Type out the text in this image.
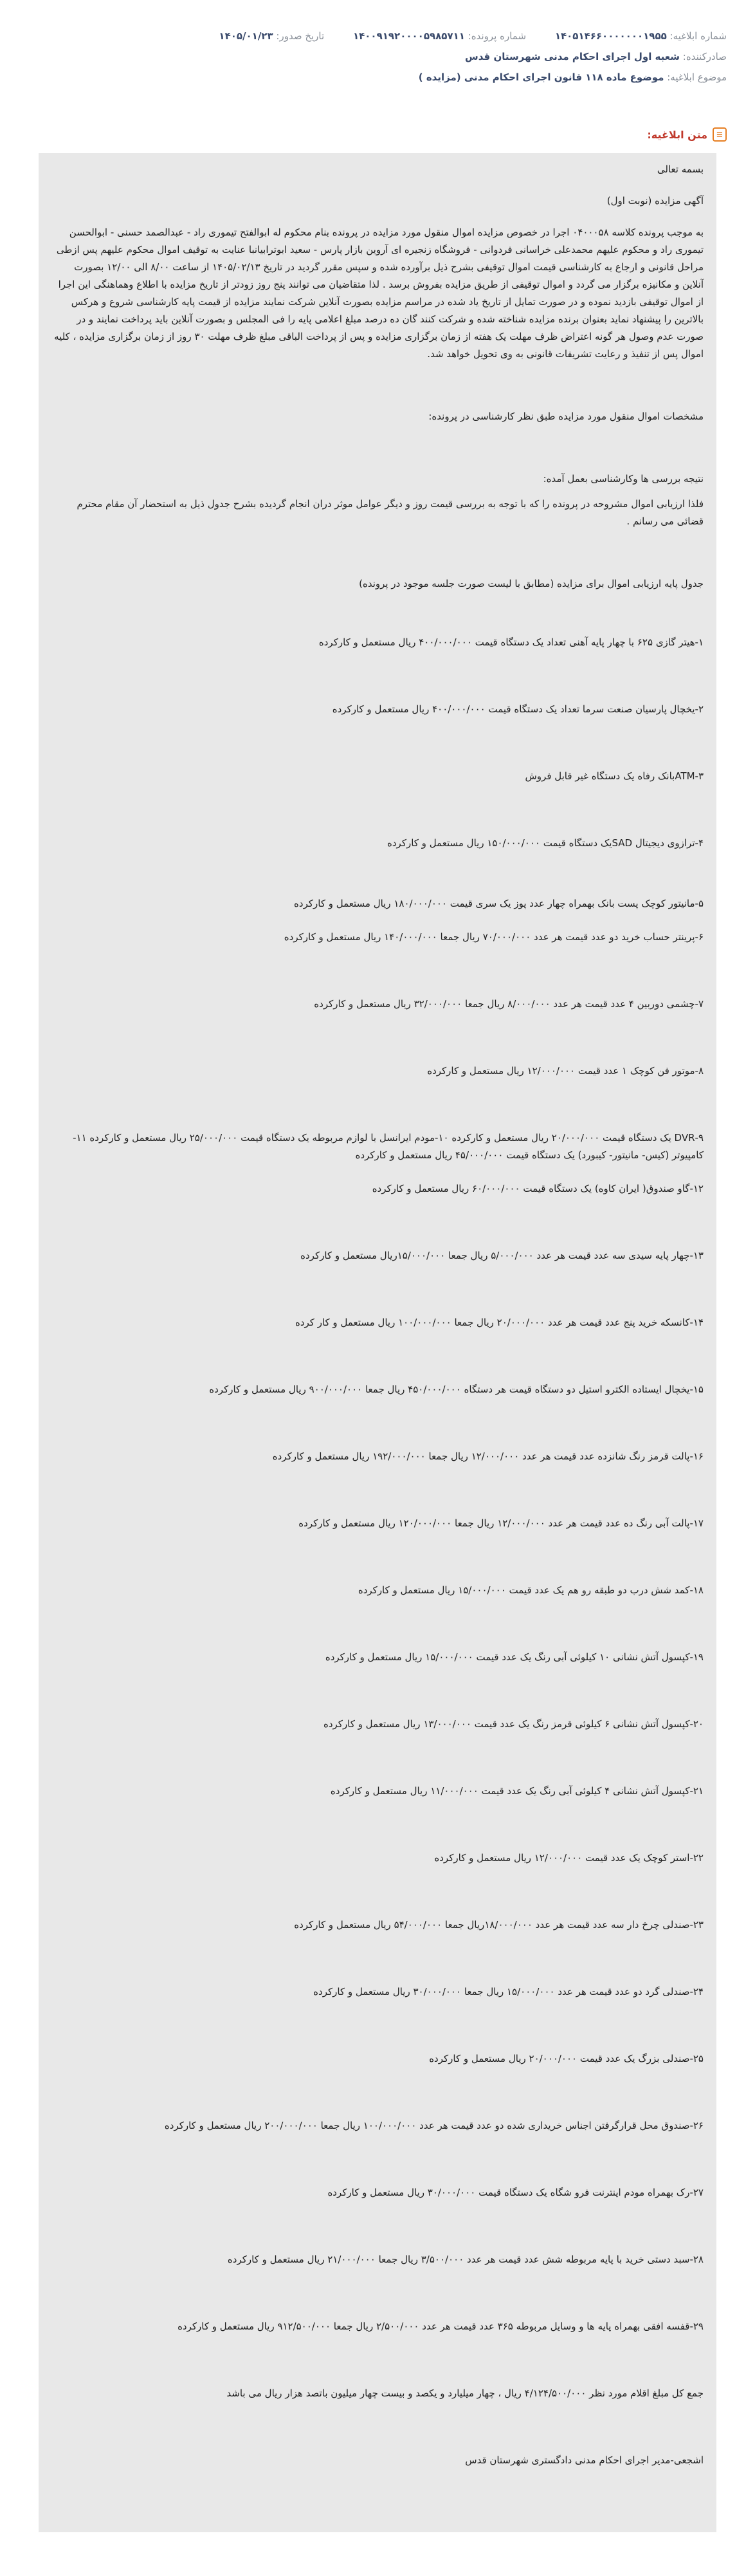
شماره ابلاغیه: ۱۴۰۵۱۴۶۶۰۰۰۰۰۰۰۱۹۵۵ شماره پرونده: ۱۴۰۰۹۱۹۲۰۰۰۰۵۹۸۵۷۱۱ تاریخ صدور: ۱۴۰۵/۰۱/۲۳
صادرکننده: شعبه اول اجرای احکام مدنی شهرستان قدس
موضوع ابلاغیه: موضوع ماده ۱۱۸ قانون اجرای احکام مدنی (مزایده )
≡
متن ابلاغیه:

بسمه تعالی

آگهی مزایده (نوبت اول)

به موجب پرونده کلاسه ۰۴۰۰۰۵۸ اجرا در خصوص مزایده اموال منقول مورد مزایده در پرونده بنام محکوم له ابوالفتح تیموری راد - عبدالصمد حسنی - ابوالحسن تیموری راد و محکوم علیهم محمدعلی خراسانی فردوانی - فروشگاه زنجیره ای آروین بازار پارس - سعید ابوترابیانبا عنایت به توقیف اموال محکوم علیهم پس ازطی مراحل قانونی و ارجاع به کارشناسی قیمت اموال توقیفی بشرح ذیل برآورده شده و سپس مقرر گردید در تاریخ ۱۴۰۵/۰۲/۱۳ از ساعت ۸/۰۰ الی ۱۲/۰۰ بصورت آنلاین و مکانیزه برگزار می گردد و اموال توقیفی از طریق مزایده بفروش برسد . لذا متقاضیان می توانند پنج روز زودتر از تاریخ مزایده با اطلاع وهماهنگی این اجرا از اموال توقیفی بازدید نموده و در صورت تمایل از تاریخ یاد شده در مراسم مزایده بصورت آنلاین شرکت نمایند مزایده از قیمت پایه کارشناسی شروع و هرکس بالاترین را پیشنهاد نماید بعنوان برنده مزایده شناخته شده و شرکت کنند گان ده درصد مبلغ اعلامی پایه را فی المجلس و بصورت آنلاین باید پرداخت نمایند و در صورت عدم وصول هر گونه اعتراض ظرف مهلت یک هفته از زمان برگزاری مزایده و پس از پرداخت الباقی مبلغ ظرف مهلت ۳۰ روز از زمان برگزاری مزایده ، کلیه اموال پس از تنفیذ و رعایت تشریفات قانونی به وی تحویل خواهد شد.

مشخصات اموال منقول مورد مزایده طبق نظر کارشناسی در پرونده:

نتیجه بررسی ها وکارشناسی بعمل آمده:

فلذا ارزیابی اموال مشروحه در پرونده را که با توجه به بررسی قیمت روز و دیگر عوامل موثر دران انجام گردیده بشرح جدول ذیل به استحضار آن مقام محترم قضائی می رسانم .

جدول پایه ارزیابی اموال برای مزایده (مطابق با لیست صورت جلسه موجود در پرونده)

۱-هیتر گازی ۶۲۵ با چهار پایه آهنی تعداد یک دستگاه قیمت ۴۰۰/۰۰۰/۰۰۰ ریال مستعمل و کارکرده

۲-یخچال پارسیان صنعت سرما تعداد یک دستگاه قیمت ۴۰۰/۰۰۰/۰۰۰ ریال مستعمل و کارکرده

۳-ATMبانک رفاه یک دستگاه غیر قابل فروش

۴-ترازوی دیجیتال SADیک دستگاه قیمت ۱۵۰/۰۰۰/۰۰۰ ریال مستعمل و کارکرده

۵-مانیتور کوچک پست بانک بهمراه چهار عدد پوز یک سری قیمت ۱۸۰/۰۰۰/۰۰۰ ریال مستعمل و کارکرده

۶-پرینتر حساب خرید دو عدد قیمت هر عدد ۷۰/۰۰۰/۰۰۰ ریال جمعا ۱۴۰/۰۰۰/۰۰۰ ریال مستعمل و کارکرده

۷-چشمی دوربین ۴ عدد قیمت هر عدد ۸/۰۰۰/۰۰۰ ریال جمعا ۳۲/۰۰۰/۰۰۰ ریال مستعمل و کارکرده

۸-موتور فن کوچک ۱ عدد قیمت ۱۲/۰۰۰/۰۰۰ ریال مستعمل و کارکرده

۹-DVR یک دستگاه قیمت ۲۰/۰۰۰/۰۰۰ ریال مستعمل و کارکرده ۱۰-مودم ایرانسل با لوازم مربوطه یک دستگاه قیمت ۲۵/۰۰۰/۰۰۰ ریال مستعمل و کارکرده ۱۱-کامپیوتر (کیس- مانیتور- کیبورد) یک دستگاه قیمت ۴۵/۰۰۰/۰۰۰ ریال مستعمل و کارکرده

۱۲-گاو صندوق( ایران کاوه) یک دستگاه قیمت ۶۰/۰۰۰/۰۰۰ ریال مستعمل و کارکرده

۱۳-چهار پایه سیدی سه عدد قیمت هر عدد ۵/۰۰۰/۰۰۰ ریال جمعا ۱۵/۰۰۰/۰۰۰ریال مستعمل و کارکرده

۱۴-کانسکه خرید پنج عدد قیمت هر عدد ۲۰/۰۰۰/۰۰۰ ریال جمعا ۱۰۰/۰۰۰/۰۰۰ ریال مستعمل و کار کرده

۱۵-یخچال ایستاده الکترو استیل دو دستگاه قیمت هر دستگاه ۴۵۰/۰۰۰/۰۰۰ ریال جمعا ۹۰۰/۰۰۰/۰۰۰ ریال مستعمل و کارکرده

۱۶-پالت قرمز رنگ شانزده عدد قیمت هر عدد ۱۲/۰۰۰/۰۰۰ ریال جمعا ۱۹۲/۰۰۰/۰۰۰ ریال مستعمل و کارکرده

۱۷-پالت آبی رنگ ده عدد قیمت هر عدد ۱۲/۰۰۰/۰۰۰ ریال جمعا ۱۲۰/۰۰۰/۰۰۰ ریال مستعمل و کارکرده

۱۸-کمد شش درب دو طبقه رو هم یک عدد قیمت ۱۵/۰۰۰/۰۰۰ ریال مستعمل و کارکرده

۱۹-کپسول آتش نشانی ۱۰ کیلوئی آبی رنگ یک عدد قیمت ۱۵/۰۰۰/۰۰۰ ریال مستعمل و کارکرده

۲۰-کپسول آتش نشانی ۶ کیلوئی قرمز رنگ یک عدد قیمت ۱۳/۰۰۰/۰۰۰ ریال مستعمل و کارکرده

۲۱-کپسول آتش نشانی ۴ کیلوئی آبی رنگ یک عدد قیمت ۱۱/۰۰۰/۰۰۰ ریال مستعمل و کارکرده

۲۲-استر کوچک یک عدد قیمت ۱۲/۰۰۰/۰۰۰ ریال مستعمل و کارکرده

۲۳-صندلی چرخ دار سه عدد قیمت هر عدد ۱۸/۰۰۰/۰۰۰ریال جمعا ۵۴/۰۰۰/۰۰۰ ریال مستعمل و کارکرده

۲۴-صندلی گرد دو عدد قیمت هر عدد ۱۵/۰۰۰/۰۰۰ ریال جمعا ۳۰/۰۰۰/۰۰۰ ریال مستعمل و کارکرده

۲۵-صندلی بزرگ یک عدد قیمت ۲۰/۰۰۰/۰۰۰ ریال مستعمل و کارکرده

۲۶-صندوق محل قرارگرفتن اجناس خریداری شده دو عدد قیمت هر عدد ۱۰۰/۰۰۰/۰۰۰ ریال جمعا ۲۰۰/۰۰۰/۰۰۰ ریال مستعمل و کارکرده

۲۷-رک بهمراه مودم اینترنت فرو شگاه یک دستگاه قیمت ۳۰/۰۰۰/۰۰۰ ریال مستعمل و کارکرده

۲۸-سبد دستی خرید با پایه مربوطه شش عدد قیمت هر عدد ۳/۵۰۰/۰۰۰ ریال جمعا ۲۱/۰۰۰/۰۰۰ ریال مستعمل و کارکرده

۲۹-قفسه افقی بهمراه پایه ها و وسایل مربوطه ۳۶۵ عدد قیمت هر عدد ۲/۵۰۰/۰۰۰ ریال جمعا ۹۱۲/۵۰۰/۰۰۰ ریال مستعمل و کارکرده

جمع کل مبلغ اقلام مورد نظر ۴/۱۲۴/۵۰۰/۰۰۰ ریال ، چهار میلیارد و یکصد و بیست چهار میلیون باتصد هزار ریال می باشد

اشجعی-مدیر اجرای احکام مدنی دادگستری شهرستان قدس
